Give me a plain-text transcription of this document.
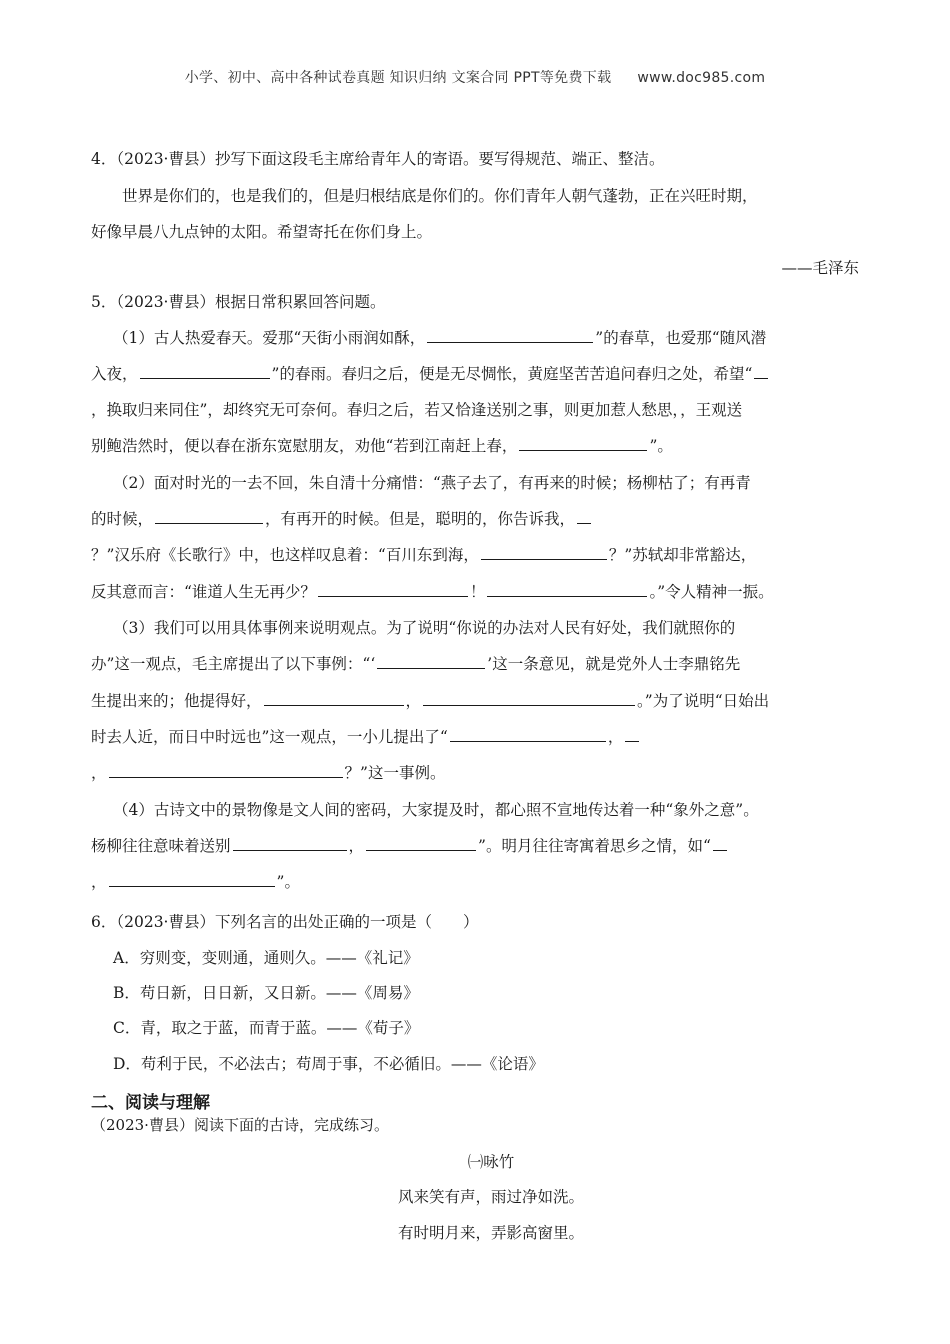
小学、初中、高中各种试卷真题 知识归纳 文案合同 PPT等免费下载 www.doc985.com
4．（2023·曹县）抄写下面这段毛主席给青年人的寄语。要写得规范、端正、整洁。
世界是你们的，也是我们的，但是归根结底是你们的。你们青年人朝气蓬勃，正在兴旺时期，
好像早晨八九点钟的太阳。希望寄托在你们身上。
——毛泽东
5．（2023·曹县）根据日常积累回答问题。
（1）古人热爱春天。爱那“天街小雨润如酥，	”的春草，也爱那“随风潜
入夜，	”的春雨。春归之后，便是无尽惆怅，黄庭坚苦苦追问春归之处，希望“
，换取归来同住”，却终究无可奈何。春归之后，若又恰逢送别之事，则更加惹人愁思，，王观送
别鲍浩然时，便以春在浙东宽慰朋友，劝他“若到江南赶上春，	”。
（2）面对时光的一去不回，朱自清十分痛惜：“燕子去了，有再来的时候；杨柳枯了；有再青
的时候，	，有再开的时候。但是，聪明的，你告诉我，
？”汉乐府《长歌行》中，也这样叹息着：“百川东到海，	？”苏轼却非常豁达，
反其意而言：“谁道人生无再少？	！	。”令人精神一振。
（3）我们可以用具体事例来说明观点。为了说明“你说的办法对人民有好处，我们就照你的
办”这一观点，毛主席提出了以下事例：“‘	’这一条意见，就是党外人士李鼎铭先
生提出来的；他提得好，	，	。”为了说明“日始出
时去人近，而日中时远也”这一观点，一小儿提出了“	，
，	？”这一事例。
（4）古诗文中的景物像是文人间的密码，大家提及时，都心照不宣地传达着一种“象外之意”。
杨柳往往意味着送别	，	”。明月往往寄寓着思乡之情，如“
，	”。
6．（2023·曹县）下列名言的出处正确的一项是（　　）
A．穷则变，变则通，通则久。——《礼记》
B．苟日新，日日新，又日新。——《周易》
C．青，取之于蓝，而青于蓝。——《荀子》
D．苟利于民，不必法古；苟周于事，不必循旧。——《论语》
二、阅读与理解
（2023·曹县）阅读下面的古诗，完成练习。
㈠咏竹
风来笑有声，雨过净如洗。
有时明月来，弄影高窗里。
